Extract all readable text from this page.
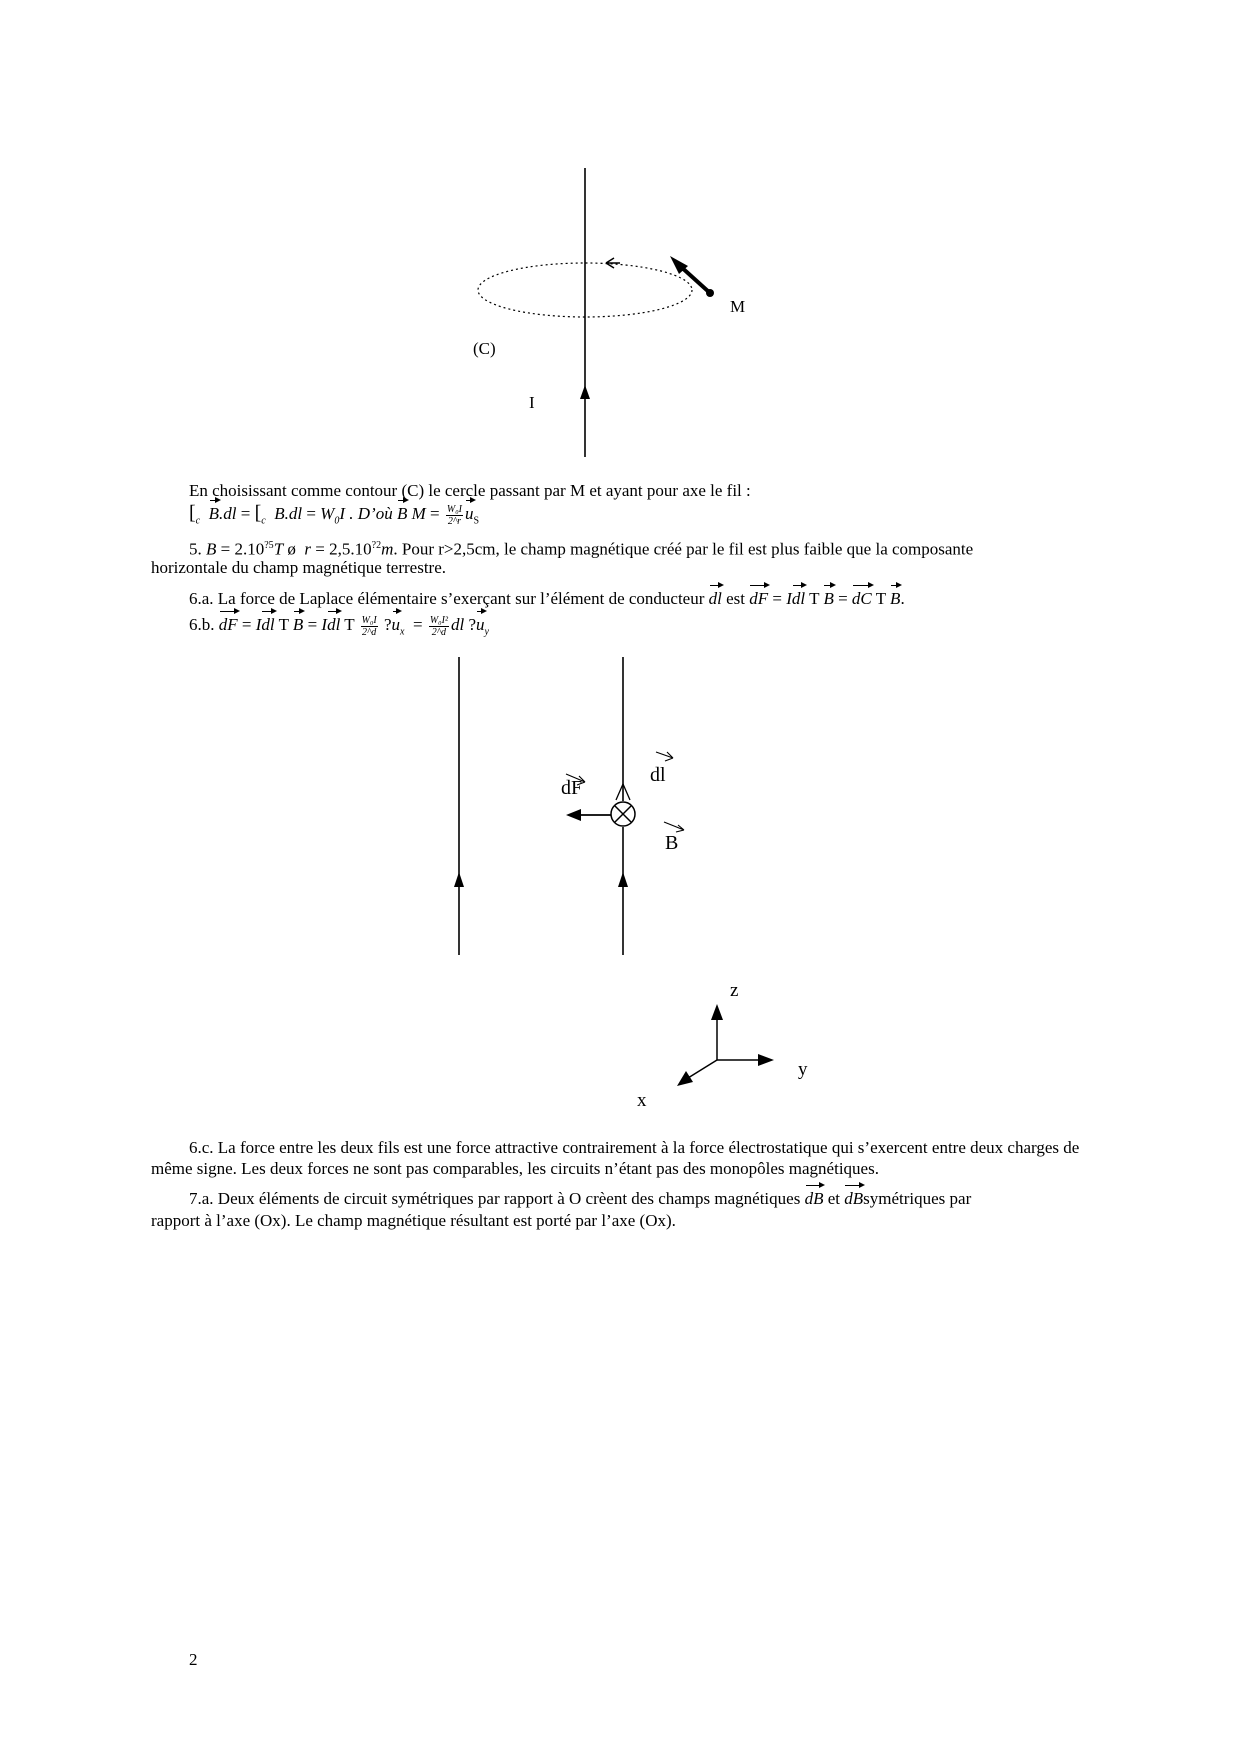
M
(C)
I
dF
dl
B
z
y
x
En choisissant comme contour (C) le cercle passant par M et ayant pour axe le fil :
[$_c$ $B.dl = [_c$ $B.dl = W_0I$ . D’où B $M = \frac{\text{W₀I}}{2\^{}r} u_S$
5. $B = 2.10^{?5}T$ ø $r = 2,5.10^{?2}m$. Pour r>2,5cm, le champ magnétique créé par le fil est plus faible que la composante
horizontale du champ magnétique terrestre.
6.a. La force de Laplace élémentaire s’exerçant sur l’élément de conducteur dl est dF = Idl T B = dC T B.
6.b. dF = Idl T B = Idl T $\frac{\text{W₀I}}{2\^{}d}$ $?u_x = \frac{\text{W₀I²}}{2\^{}d}$ dl $?u_y$
6.c. La force entre les deux fils est une force attractive contrairement à la force électrostatique qui s’exercent entre deux charges de même signe. Les deux forces ne sont pas comparables, les circuits n’étant pas des monopôles magnétiques.
7.a. Deux éléments de circuit symétriques par rapport à O crèent des champs magnétiques dB et dBsymétriques par
rapport à l’axe (Ox). Le champ magnétique résultant est porté par l’axe (Ox).
2
